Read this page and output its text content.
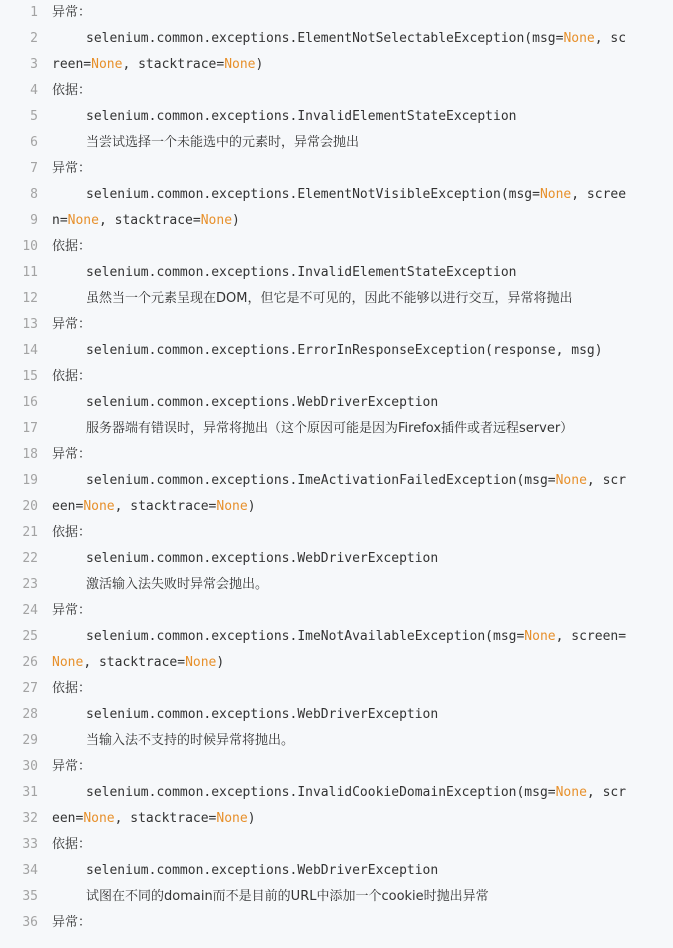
1 异常：
2	selenium.common.exceptions.ElementNotSelectableException(msg=None, sc
3 reen=None, stacktrace=None)
4 依据：
5	selenium.common.exceptions.InvalidElementStateException
6	当尝试选择一个未能选中的元素时，异常会抛出
7 异常：
8	selenium.common.exceptions.ElementNotVisibleException(msg=None, scree
9 n=None, stacktrace=None)
10 依据：
11	selenium.common.exceptions.InvalidElementStateException
12	虽然当一个元素呈现在DOM，但它是不可见的，因此不能够以进行交互，异常将抛出
13 异常：
14	selenium.common.exceptions.ErrorInResponseException(response, msg)
15 依据：
16	selenium.common.exceptions.WebDriverException
17	服务器端有错误时，异常将抛出（这个原因可能是因为Firefox插件或者远程server）
18 异常：
19	selenium.common.exceptions.ImeActivationFailedException(msg=None, scr
20 een=None, stacktrace=None)
21 依据：
22	selenium.common.exceptions.WebDriverException
23	激活输入法失败时异常会抛出。
24 异常：
25	selenium.common.exceptions.ImeNotAvailableException(msg=None, screen=
26 None, stacktrace=None)
27 依据：
28	selenium.common.exceptions.WebDriverException
29	当输入法不支持的时候异常将抛出。
30 异常：
31	selenium.common.exceptions.InvalidCookieDomainException(msg=None, scr
32 een=None, stacktrace=None)
33 依据：
34	selenium.common.exceptions.WebDriverException
35	试图在不同的domain而不是目前的URL中添加一个cookie时抛出异常
36 异常：
